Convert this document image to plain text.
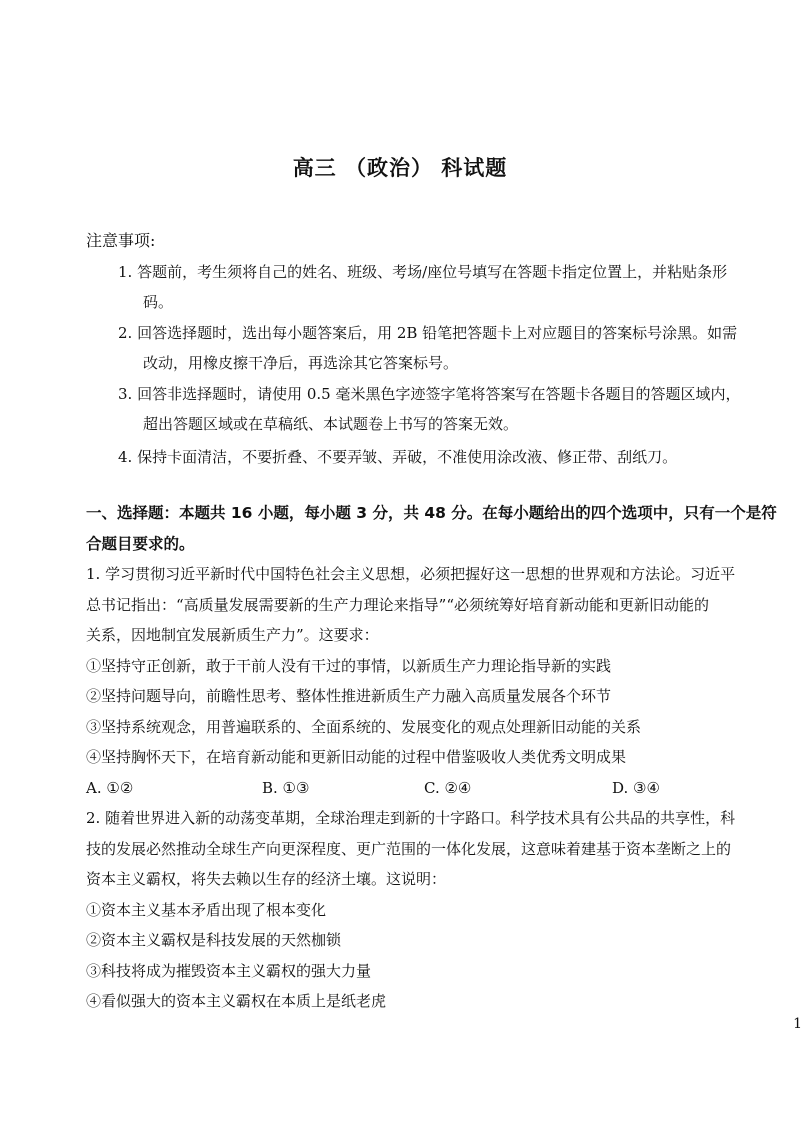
高三 （政治） 科试题
注意事项:
1. 答题前，考生须将自己的姓名、班级、考场/座位号填写在答题卡指定位置上，并粘贴条形
码。
2. 回答选择题时，选出每小题答案后，用 2B 铅笔把答题卡上对应题目的答案标号涂黑。如需
改动，用橡皮擦干净后，再选涂其它答案标号。
3. 回答非选择题时，请使用 0.5 毫米黑色字迹签字笔将答案写在答题卡各题目的答题区域内，
超出答题区域或在草稿纸、本试题卷上书写的答案无效。
4. 保持卡面清洁，不要折叠、不要弄皱、弄破，不准使用涂改液、修正带、刮纸刀。
一、选择题：本题共 16 小题，每小题 3 分，共 48 分。在每小题给出的四个选项中，只有一个是符
合题目要求的。
1. 学习贯彻习近平新时代中国特色社会主义思想，必须把握好这一思想的世界观和方法论。习近平
总书记指出：“高质量发展需要新的生产力理论来指导”“必须统筹好培育新动能和更新旧动能的
关系，因地制宜发展新质生产力”。这要求：
①坚持守正创新，敢于干前人没有干过的事情，以新质生产力理论指导新的实践
②坚持问题导向，前瞻性思考、整体性推进新质生产力融入高质量发展各个环节
③坚持系统观念，用普遍联系的、全面系统的、发展变化的观点处理新旧动能的关系
④坚持胸怀天下，在培育新动能和更新旧动能的过程中借鉴吸收人类优秀文明成果
A. ①②	B. ①③	C. ②④	D. ③④
2. 随着世界进入新的动荡变革期，全球治理走到新的十字路口。科学技术具有公共品的共享性，科
技的发展必然推动全球生产向更深程度、更广范围的一体化发展，这意味着建基于资本垄断之上的
资本主义霸权，将失去赖以生存的经济土壤。这说明：
①资本主义基本矛盾出现了根本变化
②资本主义霸权是科技发展的天然枷锁
③科技将成为摧毁资本主义霸权的强大力量
④看似强大的资本主义霸权在本质上是纸老虎
1
